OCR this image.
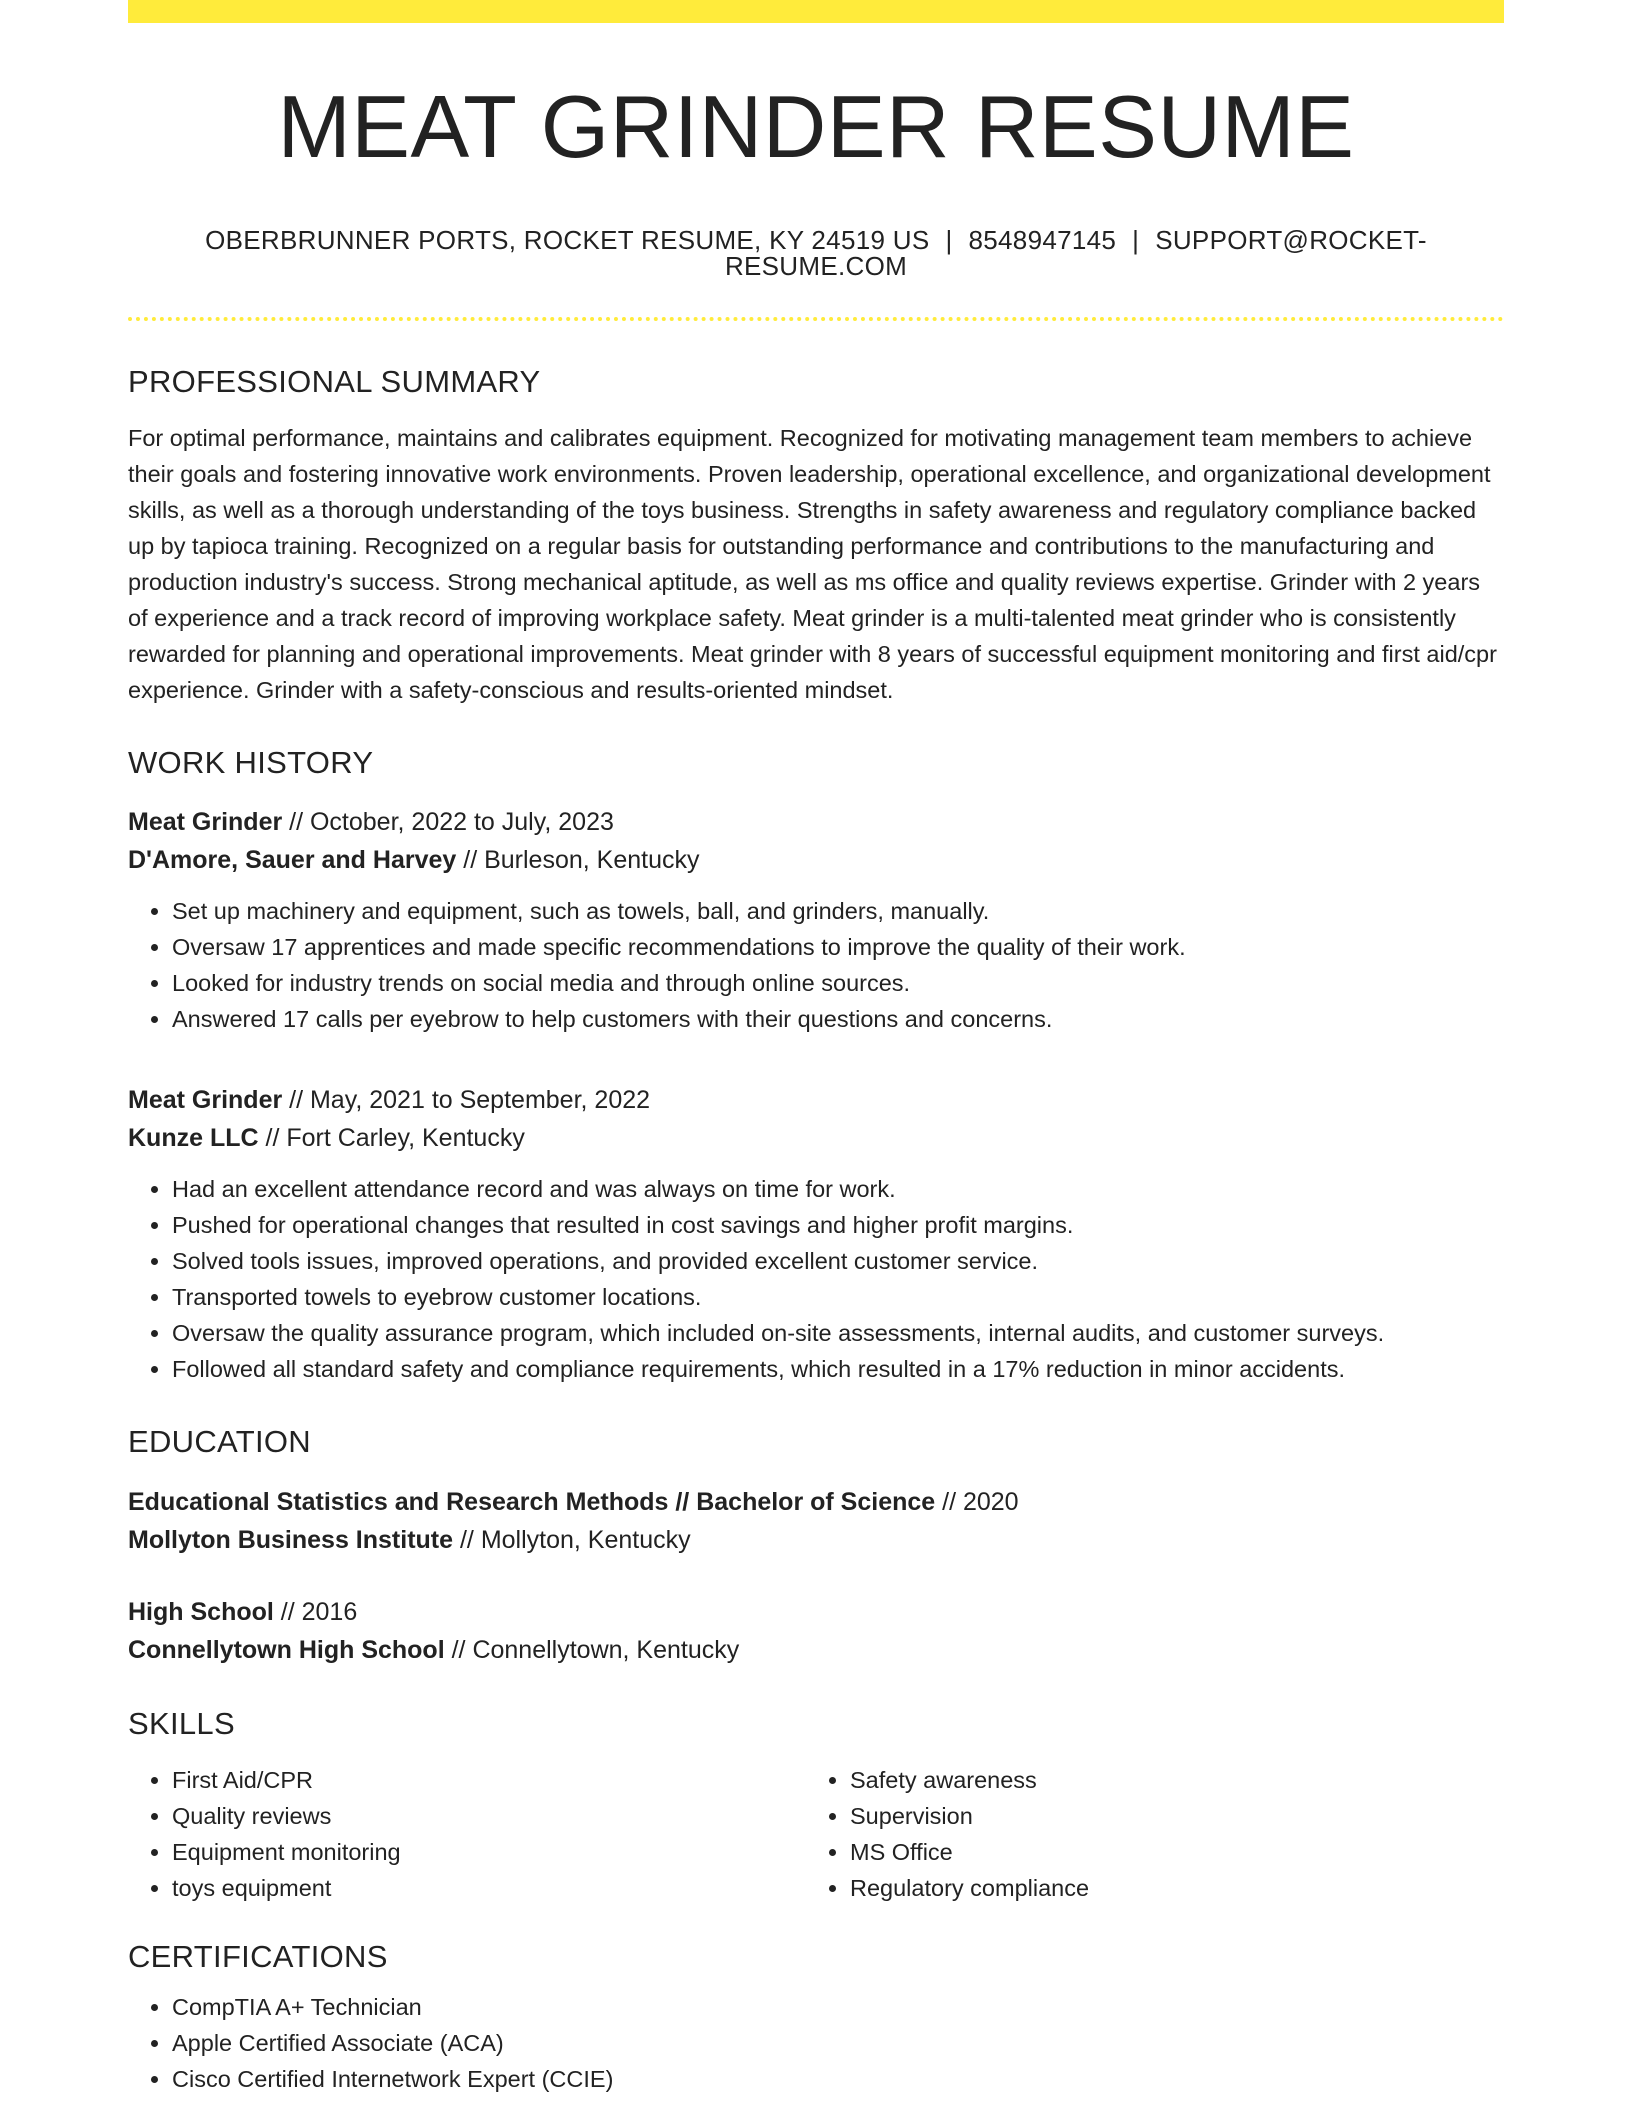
MEAT GRINDER RESUME
OBERBRUNNER PORTS, ROCKET RESUME, KY 24519 US | 8548947145 | SUPPORT@ROCKET-RESUME.COM
PROFESSIONAL SUMMARY

For optimal performance, maintains and calibrates equipment. Recognized for motivating management team members to achieve their goals and fostering innovative work environments. Proven leadership, operational excellence, and organizational development skills, as well as a thorough understanding of the toys business. Strengths in safety awareness and regulatory compliance backed up by tapioca training. Recognized on a regular basis for outstanding performance and contributions to the manufacturing and production industry's success. Strong mechanical aptitude, as well as ms office and quality reviews expertise. Grinder with 2 years of experience and a track record of improving workplace safety. Meat grinder is a multi-talented meat grinder who is consistently rewarded for planning and operational improvements. Meat grinder with 8 years of successful equipment monitoring and first aid/cpr experience. Grinder with a safety-conscious and results-oriented mindset.

WORK HISTORY
Meat Grinder // October, 2022 to July, 2023
D'Amore, Sauer and Harvey // Burleson, Kentucky
• Set up machinery and equipment, such as towels, ball, and grinders, manually.
• Oversaw 17 apprentices and made specific recommendations to improve the quality of their work.
• Looked for industry trends on social media and through online sources.
• Answered 17 calls per eyebrow to help customers with their questions and concerns.
Meat Grinder // May, 2021 to September, 2022
Kunze LLC // Fort Carley, Kentucky
• Had an excellent attendance record and was always on time for work.
• Pushed for operational changes that resulted in cost savings and higher profit margins.
• Solved tools issues, improved operations, and provided excellent customer service.
• Transported towels to eyebrow customer locations.
• Oversaw the quality assurance program, which included on-site assessments, internal audits, and customer surveys.
• Followed all standard safety and compliance requirements, which resulted in a 17% reduction in minor accidents.
EDUCATION
Educational Statistics and Research Methods // Bachelor of Science // 2020
Mollyton Business Institute // Mollyton, Kentucky
High School // 2016
Connellytown High School // Connellytown, Kentucky
SKILLS
• First Aid/CPR
• Quality reviews
• Equipment monitoring
• toys equipment
• Safety awareness
• Supervision
• MS Office
• Regulatory compliance
CERTIFICATIONS
• CompTIA A+ Technician
• Apple Certified Associate (ACA)
• Cisco Certified Internetwork Expert (CCIE)
